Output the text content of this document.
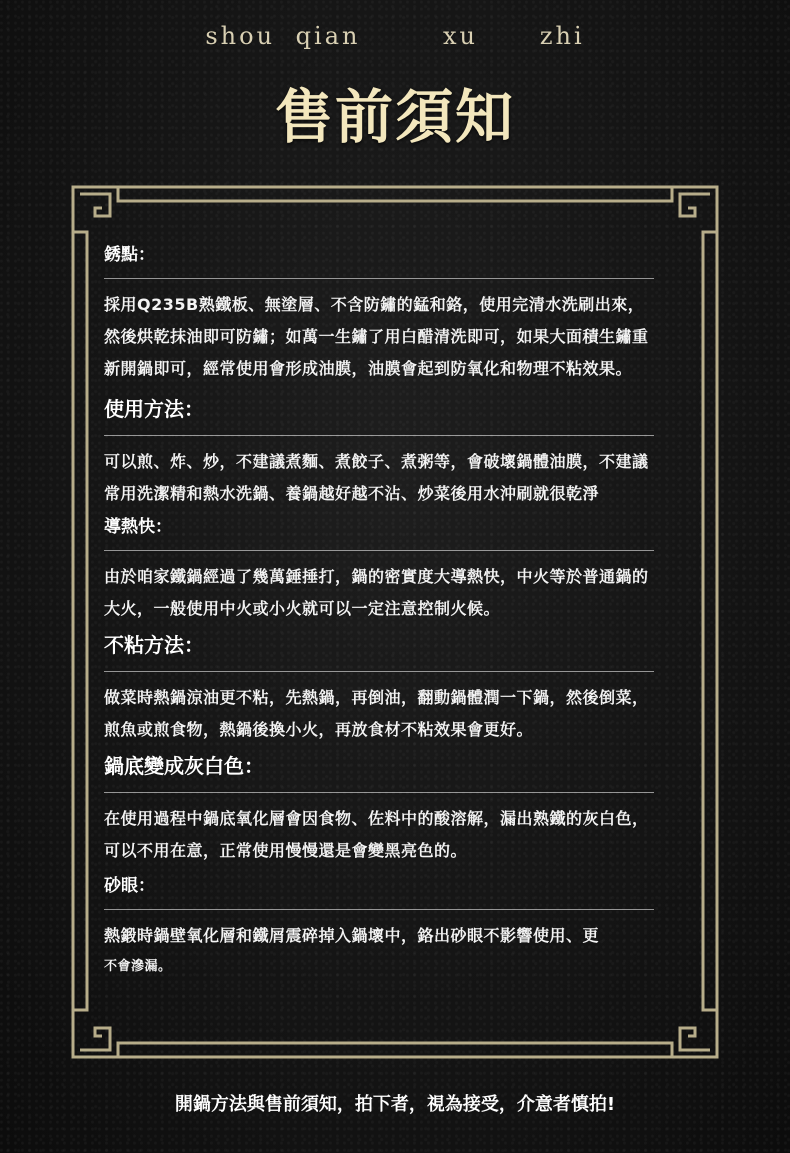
shou qian    xu   zhi
售前須知

銹點：

採用Q235B熟鐵板、無塗層、不含防鏽的錳和鉻，使用完清水洗刷出來，然後烘乾抹油即可防鏽；如萬一生鏽了用白醋清洗即可，如果大面積生鏽重新開鍋即可，經常使用會形成油膜，油膜會起到防氧化和物理不粘效果。

使用方法：

可以煎、炸、炒，不建議煮麵、煮餃子、煮粥等，會破壞鍋體油膜，不建議常用洗潔精和熱水洗鍋、養鍋越好越不沾、炒菜後用水沖刷就很乾淨

導熱快：

由於咱家鐵鍋經過了幾萬錘捶打，鍋的密實度大導熱快，中火等於普通鍋的大火，一般使用中火或小火就可以一定注意控制火候。

不粘方法：

做菜時熱鍋涼油更不粘，先熱鍋，再倒油，翻動鍋體潤一下鍋，然後倒菜，煎魚或煎食物，熱鍋後換小火，再放食材不粘效果會更好。

鍋底變成灰白色：

在使用過程中鍋底氧化層會因食物、佐料中的酸溶解，漏出熟鐵的灰白色，可以不用在意，正常使用慢慢還是會變黑亮色的。

砂眼：

熱鍛時鍋壁氧化層和鐵屑震碎掉入鍋壞中，鉻出砂眼不影響使用、更

不會滲漏。

開鍋方法與售前須知，拍下者，視為接受，介意者慎拍!
